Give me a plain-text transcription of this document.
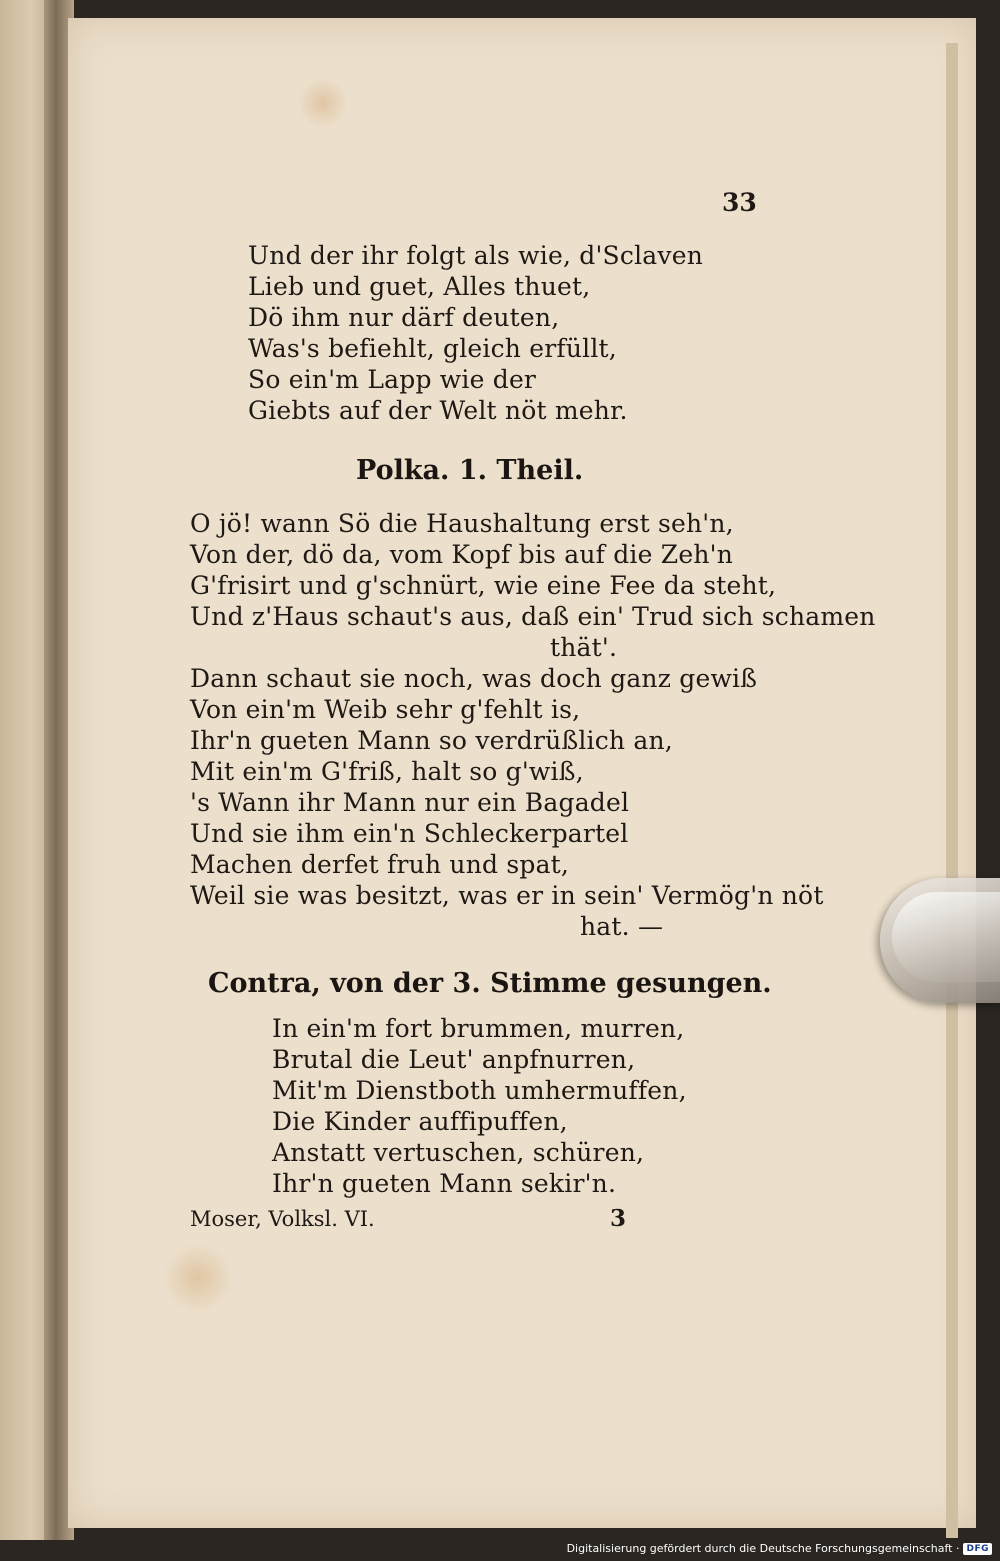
33
Und der ihr folgt als wie, d'Sclaven
Lieb und guet, Alles thuet,
Dö ihm nur därf deuten,
Was's befiehlt, gleich erfüllt,
So ein'm Lapp wie der
Giebts auf der Welt nöt mehr.
Polka. 1. Theil.
O jö! wann Sö die Haushaltung erst seh'n,
Von der, dö da, vom Kopf bis auf die Zeh'n
G'frisirt und g'schnürt, wie eine Fee da steht,
Und z'Haus schaut's aus, daß ein' Trud sich schamen
thät'.
Dann schaut sie noch, was doch ganz gewiß
Von ein'm Weib sehr g'fehlt is,
Ihr'n gueten Mann so verdrüßlich an,
Mit ein'm G'friß, halt so g'wiß,
's Wann ihr Mann nur ein Bagadel
Und sie ihm ein'n Schleckerpartel
Machen derfet fruh und spat,
Weil sie was besitzt, was er in sein' Vermög'n nöt
hat. —
Contra, von der 3. Stimme gesungen.
In ein'm fort brummen, murren,
Brutal die Leut' anpfnurren,
Mit'm Dienstboth umhermuffen,
Die Kinder auffipuffen,
Anstatt vertuschen, schüren,
Ihr'n gueten Mann sekir'n.
Moser, Volksl. VI.	3
Digitalisierung gefördert durch die Deutsche Forschungsgemeinschaft · DFG
